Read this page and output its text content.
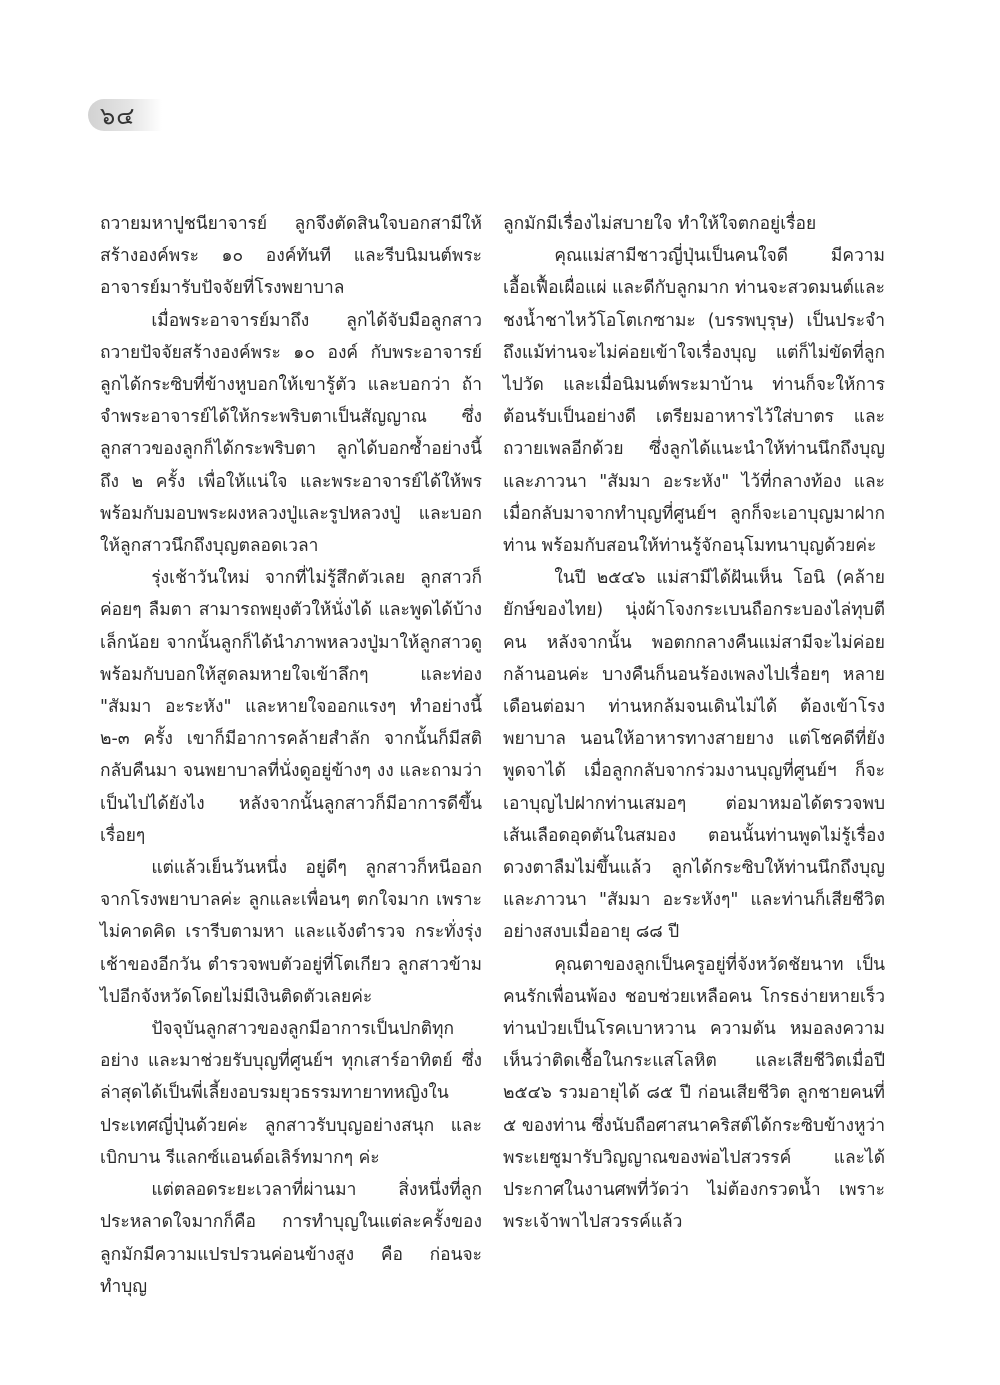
๖๔

ถวายมหาปูชนียาจารย์ ลูกจึงตัดสินใจบอกสามีให้สร้างองค์พระ ๑๐ องค์ทันที และรีบนิมนต์พระอาจารย์มารับปัจจัยที่โรงพยาบาล

เมื่อพระอาจารย์มาถึง ลูกได้จับมือลูกสาวถวายปัจจัยสร้างองค์พระ ๑๐ องค์ กับพระอาจารย์ ลูกได้กระซิบที่ข้างหูบอกให้เขารู้ตัว และบอกว่า ถ้าจำพระอาจารย์ได้ให้กระพริบตาเป็นสัญญาณ ซึ่งลูกสาวของลูกก็ได้กระพริบตา ลูกได้บอกซ้ำอย่างนี้ถึง ๒ ครั้ง เพื่อให้แน่ใจ และพระอาจารย์ได้ให้พร พร้อมกับมอบพระผงหลวงปู่และรูปหลวงปู่ และบอกให้ลูกสาวนึกถึงบุญตลอดเวลา

รุ่งเช้าวันใหม่ จากที่ไม่รู้สึกตัวเลย ลูกสาวก็ค่อยๆ ลืมตา สามารถพยุงตัวให้นั่งได้ และพูดได้บ้างเล็กน้อย จากนั้นลูกก็ได้นำภาพหลวงปู่มาให้ลูกสาวดู พร้อมกับบอกให้สูดลมหายใจเข้าลึกๆ และท่อง "สัมมา อะระหัง" และหายใจออกแรงๆ ทำอย่างนี้ ๒-๓ ครั้ง เขาก็มีอาการคล้ายสำลัก จากนั้นก็มีสติกลับคืนมา จนพยาบาลที่นั่งดูอยู่ข้างๆ งง และถามว่า เป็นไปได้ยังไง หลังจากนั้นลูกสาวก็มีอาการดีขึ้นเรื่อยๆ

แต่แล้วเย็นวันหนึ่ง อยู่ดีๆ ลูกสาวก็หนีออกจากโรงพยาบาลค่ะ ลูกและเพื่อนๆ ตกใจมาก เพราะไม่คาดคิด เรารีบตามหา และแจ้งตำรวจ กระทั่งรุ่งเช้าของอีกวัน ตำรวจพบตัวอยู่ที่โตเกียว ลูกสาวข้ามไปอีกจังหวัดโดยไม่มีเงินติดตัวเลยค่ะ

ปัจจุบันลูกสาวของลูกมีอาการเป็นปกติทุกอย่าง และมาช่วยรับบุญที่ศูนย์ฯ ทุกเสาร์อาทิตย์ ซึ่งล่าสุดได้เป็นพี่เลี้ยงอบรมยุวธรรมทายาทหญิงในประเทศญี่ปุ่นด้วยค่ะ ลูกสาวรับบุญอย่างสนุก และเบิกบาน รีแลกซ์แอนด์อเลิร์ทมากๆ ค่ะ

แต่ตลอดระยะเวลาที่ผ่านมา สิ่งหนึ่งที่ลูกประหลาดใจมากก็คือ การทำบุญในแต่ละครั้งของลูกมักมีความแปรปรวนค่อนข้างสูง คือ ก่อนจะทำบุญ

ลูกมักมีเรื่องไม่สบายใจ ทำให้ใจตกอยู่เรื่อย

คุณแม่สามีชาวญี่ปุ่นเป็นคนใจดี มีความเอื้อเฟื้อเผื่อแผ่ และดีกับลูกมาก ท่านจะสวดมนต์และชงน้ำชาไหว้โอโตเกซามะ (บรรพบุรุษ) เป็นประจำ ถึงแม้ท่านจะไม่ค่อยเข้าใจเรื่องบุญ แต่ก็ไม่ขัดที่ลูกไปวัด และเมื่อนิมนต์พระมาบ้าน ท่านก็จะให้การต้อนรับเป็นอย่างดี เตรียมอาหารไว้ใส่บาตร และถวายเพลอีกด้วย ซึ่งลูกได้แนะนำให้ท่านนึกถึงบุญ และภาวนา "สัมมา อะระหัง" ไว้ที่กลางท้อง และเมื่อกลับมาจากทำบุญที่ศูนย์ฯ ลูกก็จะเอาบุญมาฝากท่าน พร้อมกับสอนให้ท่านรู้จักอนุโมทนาบุญด้วยค่ะ

ในปี ๒๕๔๖ แม่สามีได้ฝันเห็น โอนิ (คล้ายยักษ์ของไทย) นุ่งผ้าโจงกระเบนถือกระบองไล่ทุบตีคน หลังจากนั้น พอตกกลางคืนแม่สามีจะไม่ค่อยกล้านอนค่ะ บางคืนก็นอนร้องเพลงไปเรื่อยๆ หลายเดือนต่อมา ท่านหกล้มจนเดินไม่ได้ ต้องเข้าโรงพยาบาล นอนให้อาหารทางสายยาง แต่โชคดีที่ยังพูดจาได้ เมื่อลูกกลับจากร่วมงานบุญที่ศูนย์ฯ ก็จะเอาบุญไปฝากท่านเสมอๆ ต่อมาหมอได้ตรวจพบเส้นเลือดอุดตันในสมอง ตอนนั้นท่านพูดไม่รู้เรื่อง ดวงตาลืมไม่ขึ้นแล้ว ลูกได้กระซิบให้ท่านนึกถึงบุญ และภาวนา "สัมมา อะระหังๆ" และท่านก็เสียชีวิตอย่างสงบเมื่ออายุ ๘๘ ปี

คุณตาของลูกเป็นครูอยู่ที่จังหวัดชัยนาท เป็นคนรักเพื่อนพ้อง ชอบช่วยเหลือคน โกรธง่ายหายเร็ว ท่านป่วยเป็นโรคเบาหวาน ความดัน หมอลงความเห็นว่าติดเชื้อในกระแสโลหิต และเสียชีวิตเมื่อปี ๒๕๔๖ รวมอายุได้ ๘๕ ปี ก่อนเสียชีวิต ลูกชายคนที่ ๕ ของท่าน ซึ่งนับถือศาสนาคริสต์ได้กระซิบข้างหูว่า พระเยซูมารับวิญญาณของพ่อไปสวรรค์ และได้ประกาศในงานศพที่วัดว่า ไม่ต้องกรวดน้ำ เพราะพระเจ้าพาไปสวรรค์แล้ว
